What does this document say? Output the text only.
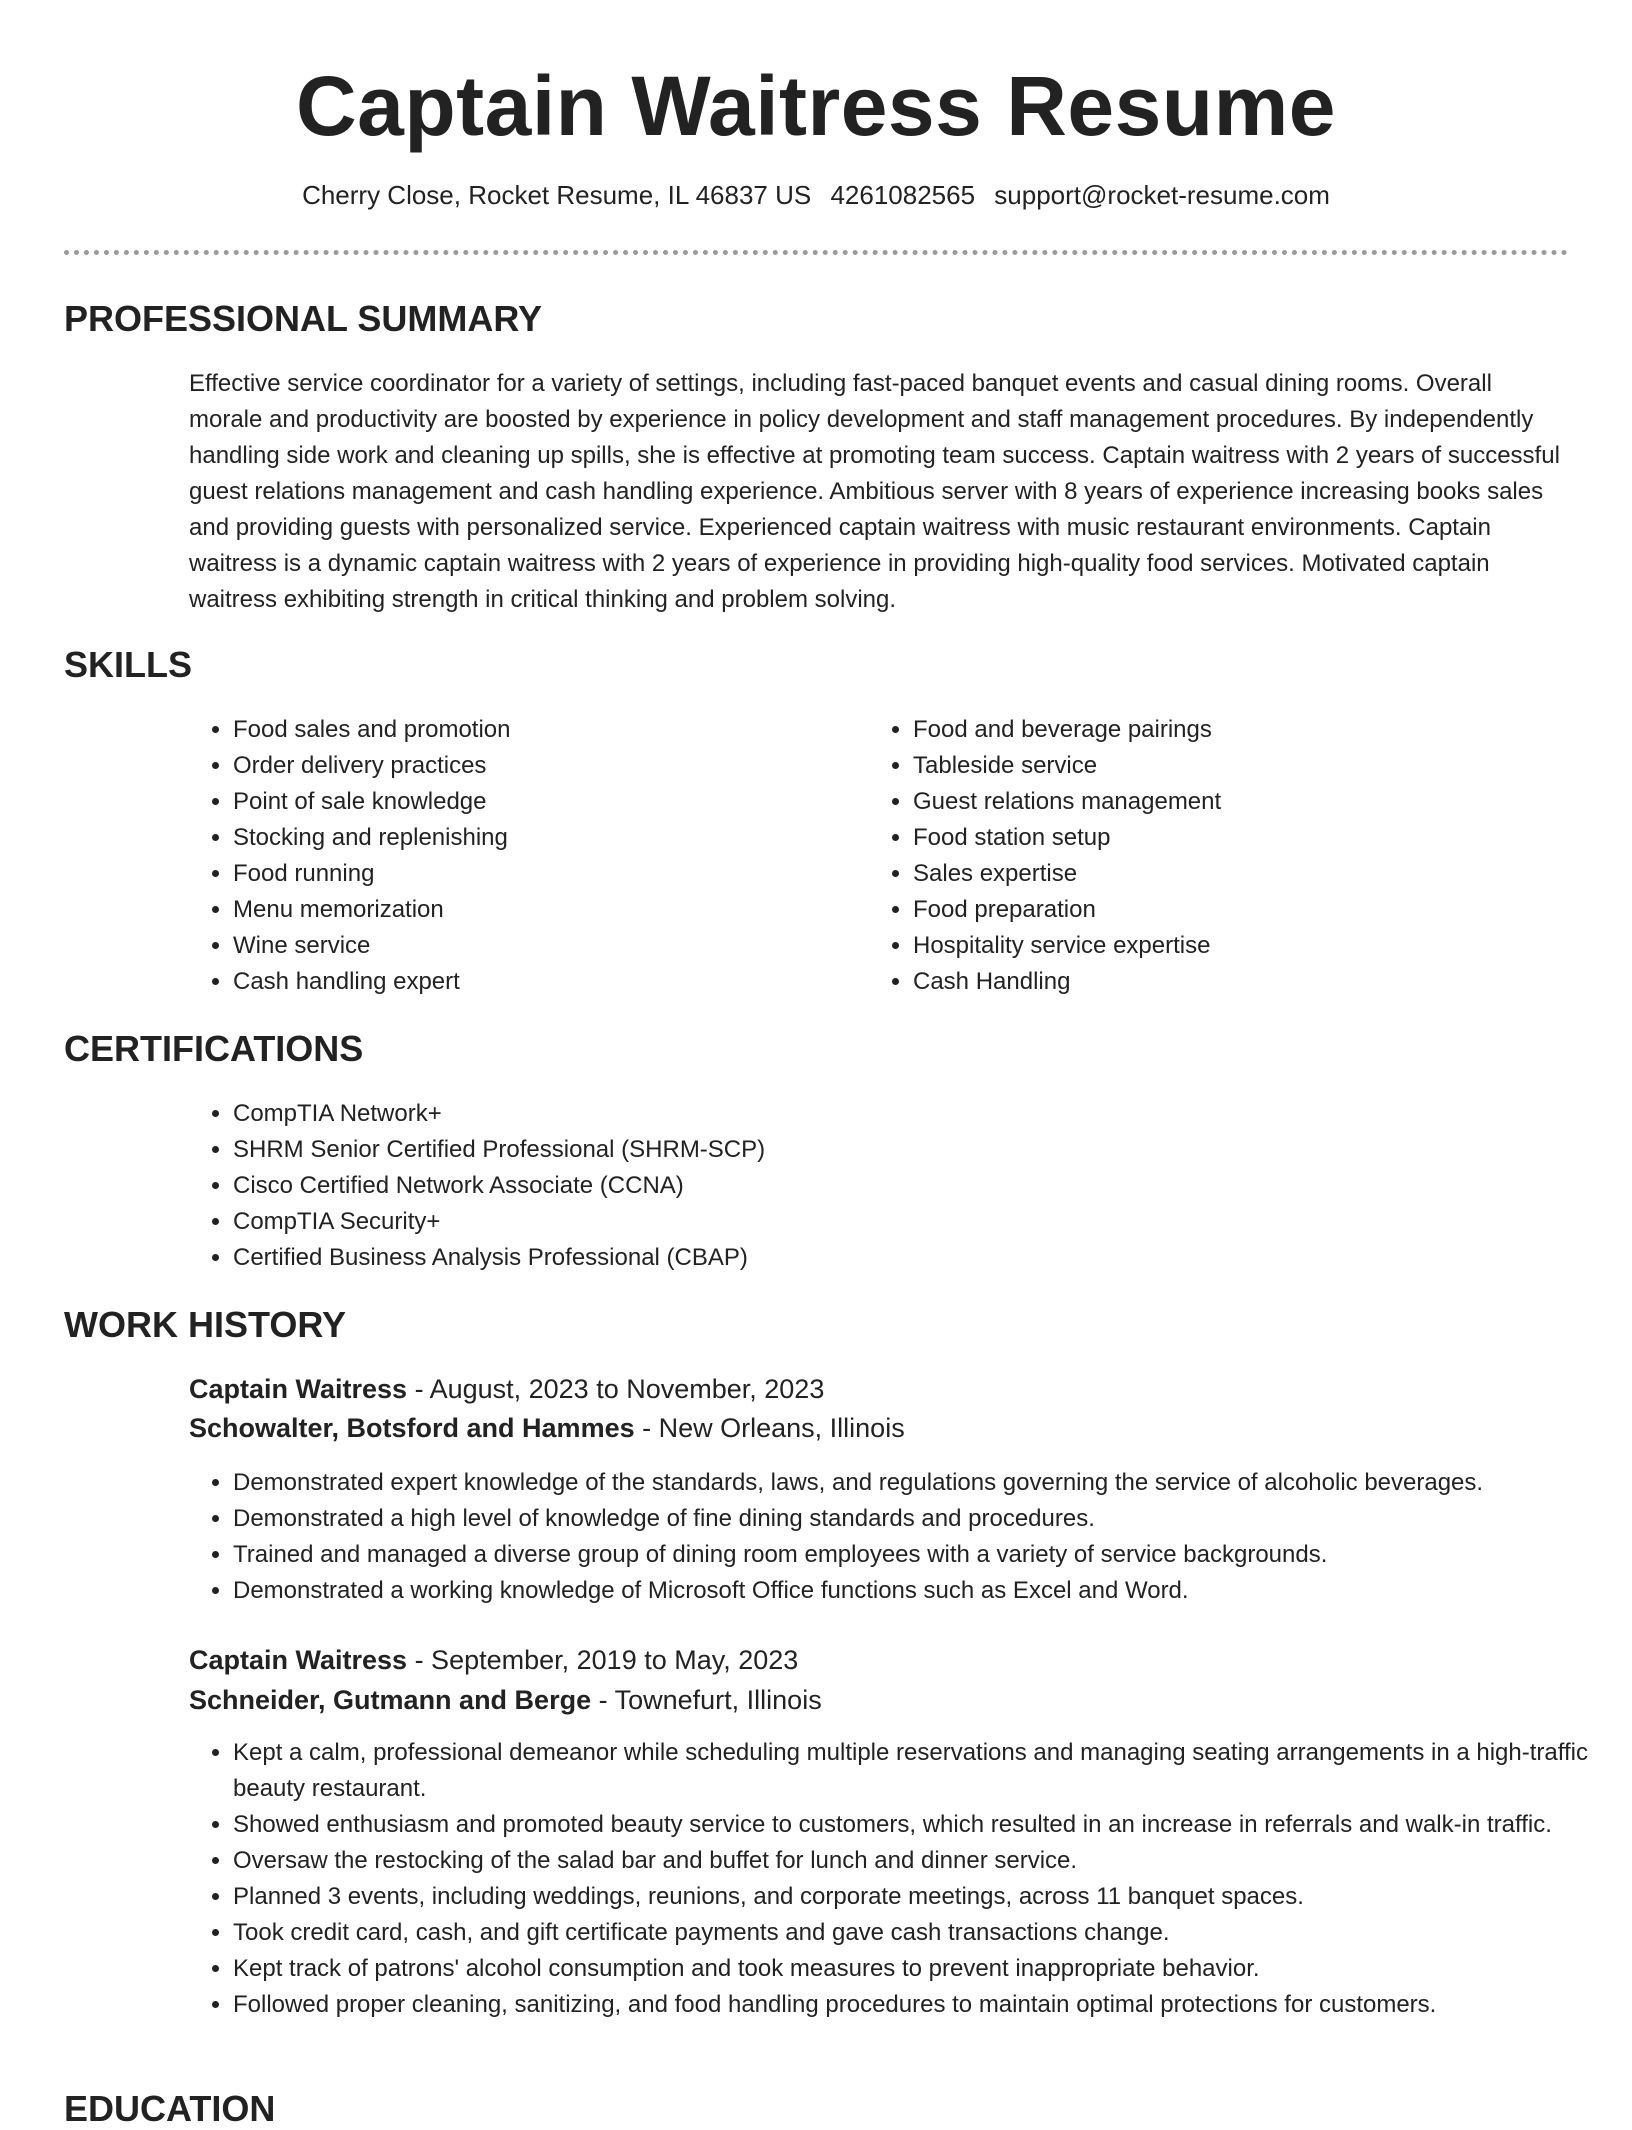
Captain Waitress Resume
Cherry Close, Rocket Resume, IL 46837 US 4261082565 support@rocket-resume.com
PROFESSIONAL SUMMARY

Effective service coordinator for a variety of settings, including fast-paced banquet events and casual dining rooms. Overall morale and productivity are boosted by experience in policy development and staff management procedures. By independently handling side work and cleaning up spills, she is effective at promoting team success. Captain waitress with 2 years of successful guest relations management and cash handling experience. Ambitious server with 8 years of experience increasing books sales and providing guests with personalized service. Experienced captain waitress with music restaurant environments. Captain waitress is a dynamic captain waitress with 2 years of experience in providing high-quality food services. Motivated captain waitress exhibiting strength in critical thinking and problem solving.

SKILLS
• Food sales and promotion
• Order delivery practices
• Point of sale knowledge
• Stocking and replenishing
• Food running
• Menu memorization
• Wine service
• Cash handling expert
• Food and beverage pairings
• Tableside service
• Guest relations management
• Food station setup
• Sales expertise
• Food preparation
• Hospitality service expertise
• Cash Handling
CERTIFICATIONS
• CompTIA Network+
• SHRM Senior Certified Professional (SHRM-SCP)
• Cisco Certified Network Associate (CCNA)
• CompTIA Security+
• Certified Business Analysis Professional (CBAP)
WORK HISTORY

Captain Waitress - August, 2023 to November, 2023

Schowalter, Botsford and Hammes - New Orleans, Illinois

• Demonstrated expert knowledge of the standards, laws, and regulations governing the service of alcoholic beverages.
• Demonstrated a high level of knowledge of fine dining standards and procedures.
• Trained and managed a diverse group of dining room employees with a variety of service backgrounds.
• Demonstrated a working knowledge of Microsoft Office functions such as Excel and Word.

Captain Waitress - September, 2019 to May, 2023

Schneider, Gutmann and Berge - Townefurt, Illinois

• Kept a calm, professional demeanor while scheduling multiple reservations and managing seating arrangements in a high-traffic beauty restaurant.
• Showed enthusiasm and promoted beauty service to customers, which resulted in an increase in referrals and walk-in traffic.
• Oversaw the restocking of the salad bar and buffet for lunch and dinner service.
• Planned 3 events, including weddings, reunions, and corporate meetings, across 11 banquet spaces.
• Took credit card, cash, and gift certificate payments and gave cash transactions change.
• Kept track of patrons' alcohol consumption and took measures to prevent inappropriate behavior.
• Followed proper cleaning, sanitizing, and food handling procedures to maintain optimal protections for customers.
EDUCATION
